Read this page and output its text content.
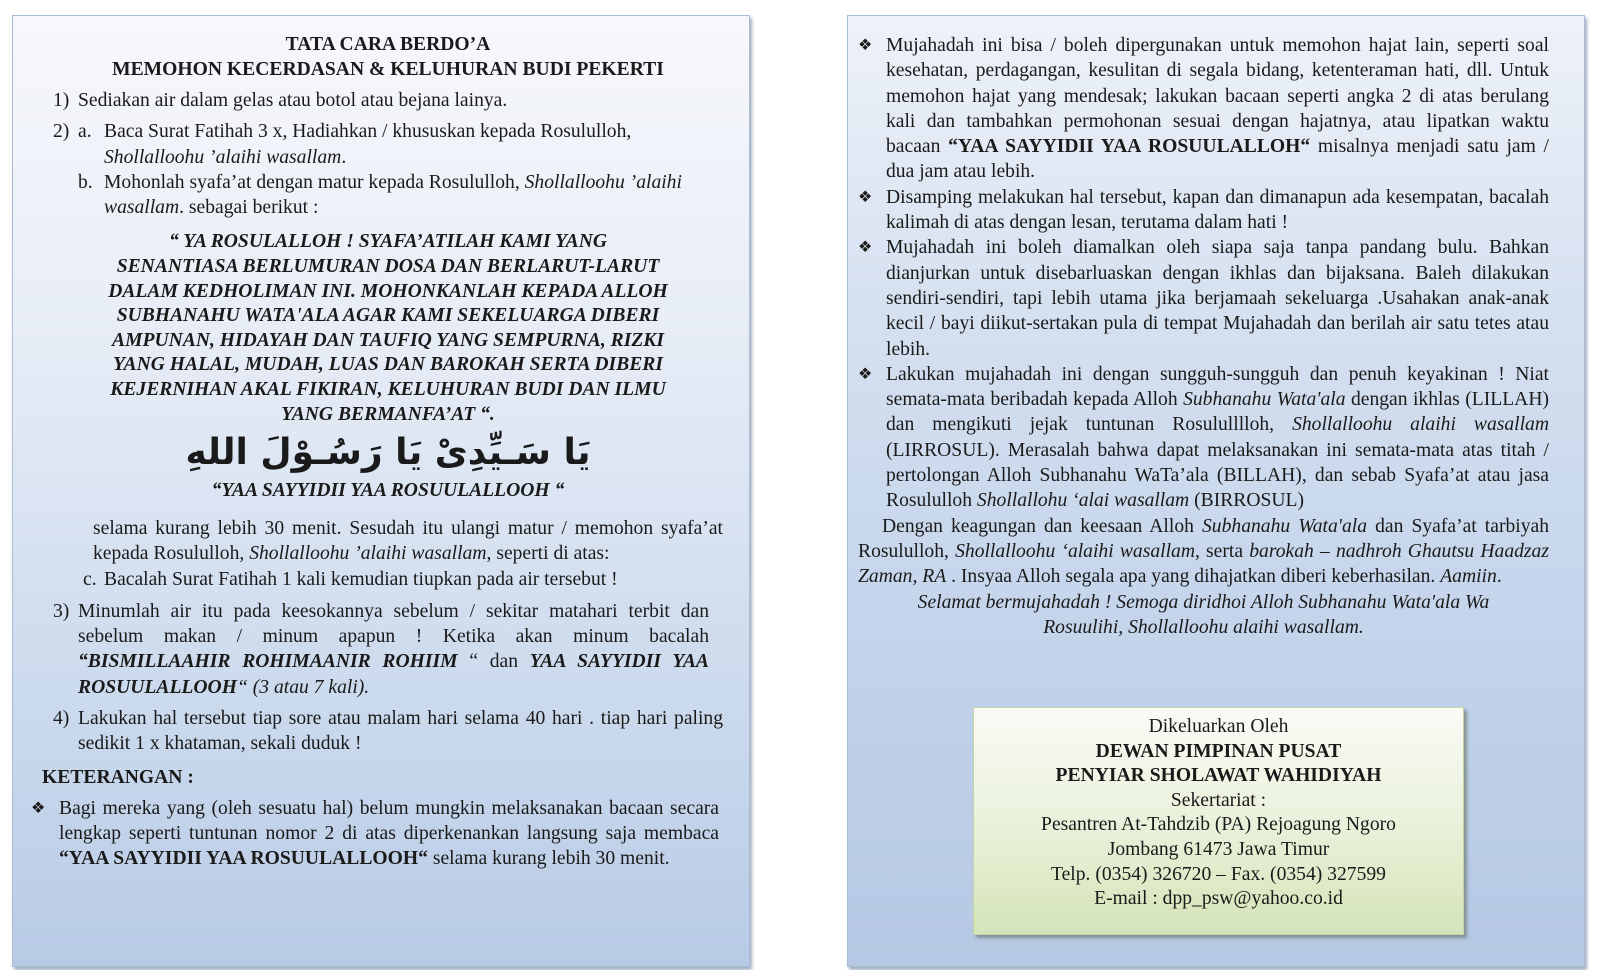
TATA CARA BERDO’A
MEMOHON KECERDASAN & KELUHURAN BUDI PEKERTI
1) Sediakan air dalam gelas atau botol atau bejana lainya.
2) a. Baca Surat Fatihah 3 x, Hadiahkan / khususkan kepada Rosululloh, Shollalloohu ’alaihi wasallam.
b. Mohonlah syafa’at dengan matur kepada Rosululloh, Shollalloohu ’alaihi wasallam. sebagai berikut :
“ YA ROSULALLOH ! SYAFA’ATILAH KAMI YANG
SENANTIASA BERLUMURAN DOSA DAN BERLARUT-LARUT
DALAM KEDHOLIMAN INI. MOHONKANLAH KEPADA ALLOH
SUBHANAHU WATA'ALA AGAR KAMI SEKELUARGA DIBERI
AMPUNAN, HIDAYAH DAN TAUFIQ YANG SEMPURNA, RIZKI
YANG HALAL, MUDAH, LUAS DAN BAROKAH SERTA DIBERI
KEJERNIHAN AKAL FIKIRAN, KELUHURAN BUDI DAN ILMU
YANG BERMANFA’AT “.
يَا سَـيِّدِىْ يَا رَسُـوْلَ اللهِ
“YAA SAYYIDII YAA ROSUULALLOOH “
selama kurang lebih 30 menit. Sesudah itu ulangi matur / memohon syafa’at kepada Rosululloh, Shollalloohu ’alaihi wasallam, seperti di atas:
c. Bacalah Surat Fatihah 1 kali kemudian tiupkan pada air tersebut !
3) Minumlah air itu pada keesokannya sebelum / sekitar matahari terbit dan sebelum makan / minum apapun ! Ketika akan minum bacalah “BISMILLAAHIR ROHIMAANIR ROHIIM “ dan YAA SAYYIDII YAA ROSUULALLOOH“ (3 atau 7 kali).
4) Lakukan hal tersebut tiap sore atau malam hari selama 40 hari . tiap hari paling sedikit 1 x khataman, sekali duduk !
KETERANGAN :
❖ Bagi mereka yang (oleh sesuatu hal) belum mungkin melaksanakan bacaan secara lengkap seperti tuntunan nomor 2 di atas diperkenankan langsung saja membaca “YAA SAYYIDII YAA ROSUULALLOOH“ selama kurang lebih 30 menit.
❖ Mujahadah ini bisa / boleh dipergunakan untuk memohon hajat lain, seperti soal kesehatan, perdagangan, kesulitan di segala bidang, ketenteraman hati, dll. Untuk memohon hajat yang mendesak; lakukan bacaan seperti angka 2 di atas berulang kali dan tambahkan permohonan sesuai dengan hajatnya, atau lipatkan waktu bacaan “YAA SAYYIDII YAA ROSUULALLOH“ misalnya menjadi satu jam / dua jam atau lebih.
❖ Disamping melakukan hal tersebut, kapan dan dimanapun ada kesempatan, bacalah kalimah di atas dengan lesan, terutama dalam hati !
❖ Mujahadah ini boleh diamalkan oleh siapa saja tanpa pandang bulu. Bahkan dianjurkan untuk disebarluaskan dengan ikhlas dan bijaksana. Baleh dilakukan sendiri-sendiri, tapi lebih utama jika berjamaah sekeluarga .Usahakan anak-anak kecil / bayi diikut-sertakan pula di tempat Mujahadah dan berilah air satu tetes atau lebih.
❖ Lakukan mujahadah ini dengan sungguh-sungguh dan penuh keyakinan ! Niat semata-mata beribadah kepada Alloh Subhanahu Wata'ala dengan ikhlas (LILLAH) dan mengikuti jejak tuntunan Rosululllloh, Shollalloohu alaihi wasallam (LIRROSUL). Merasalah bahwa dapat melaksanakan ini semata-mata atas titah / pertolongan Alloh Subhanahu WaTa’ala (BILLAH), dan sebab Syafa’at atau jasa Rosululloh Shollallohu ‘alai wasallam (BIRROSUL)
Dengan keagungan dan keesaan Alloh Subhanahu Wata'ala dan Syafa’at tarbiyah Rosululloh, Shollalloohu ‘alaihi wasallam, serta barokah – nadhroh Ghautsu Haadzaz Zaman, RA . Insyaa Alloh segala apa yang dihajatkan diberi keberhasilan. Aamiin.
Selamat bermujahadah ! Semoga diridhoi Alloh Subhanahu Wata'ala Wa Rosuulihi, Shollalloohu alaihi wasallam.
Dikeluarkan Oleh
DEWAN PIMPINAN PUSAT
PENYIAR SHOLAWAT WAHIDIYAH
Sekertariat :
Pesantren At-Tahdzib (PA) Rejoagung Ngoro
Jombang 61473 Jawa Timur
Telp. (0354) 326720 – Fax. (0354) 327599
E-mail : dpp_psw@yahoo.co.id
